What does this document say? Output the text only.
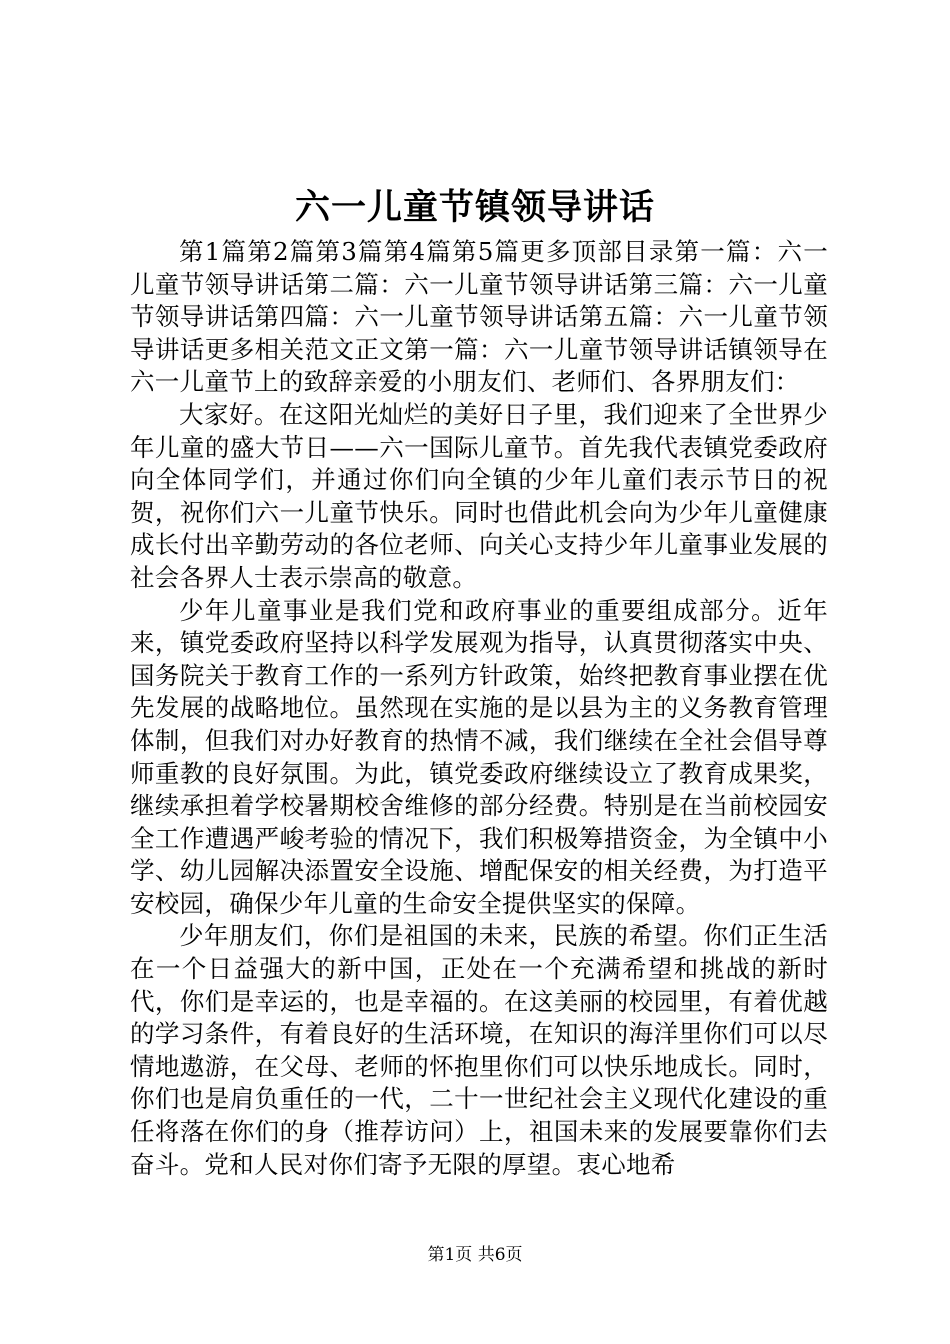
六一儿童节镇领导讲话

第1篇第2篇第3篇第4篇第5篇更多顶部目录第一篇：六一儿童节领导讲话第二篇：六一儿童节领导讲话第三篇：六一儿童节领导讲话第四篇：六一儿童节领导讲话第五篇：六一儿童节领导讲话更多相关范文正文第一篇：六一儿童节领导讲话镇领导在六一儿童节上的致辞亲爱的小朋友们、老师们、各界朋友们：

大家好。在这阳光灿烂的美好日子里，我们迎来了全世界少年儿童的盛大节日——六一国际儿童节。首先我代表镇党委政府向全体同学们，并通过你们向全镇的少年儿童们表示节日的祝贺，祝你们六一儿童节快乐。同时也借此机会向为少年儿童健康成长付出辛勤劳动的各位老师、向关心支持少年儿童事业发展的社会各界人士表示崇高的敬意。

少年儿童事业是我们党和政府事业的重要组成部分。近年来，镇党委政府坚持以科学发展观为指导，认真贯彻落实中央、国务院关于教育工作的一系列方针政策，始终把教育事业摆在优先发展的战略地位。虽然现在实施的是以县为主的义务教育管理体制，但我们对办好教育的热情不减，我们继续在全社会倡导尊师重教的良好氛围。为此，镇党委政府继续设立了教育成果奖，继续承担着学校暑期校舍维修的部分经费。特别是在当前校园安全工作遭遇严峻考验的情况下，我们积极筹措资金，为全镇中小学、幼儿园解决添置安全设施、增配保安的相关经费，为打造平安校园，确保少年儿童的生命安全提供坚实的保障。

少年朋友们，你们是祖国的未来，民族的希望。你们正生活在一个日益强大的新中国，正处在一个充满希望和挑战的新时代，你们是幸运的，也是幸福的。在这美丽的校园里，有着优越的学习条件，有着良好的生活环境，在知识的海洋里你们可以尽情地遨游，在父母、老师的怀抱里你们可以快乐地成长。同时，你们也是肩负重任的一代，二十一世纪社会主义现代化建设的重任将落在你们的身（推荐访问）上，祖国未来的发展要靠你们去奋斗。党和人民对你们寄予无限的厚望。衷心地希

第1页 共6页
